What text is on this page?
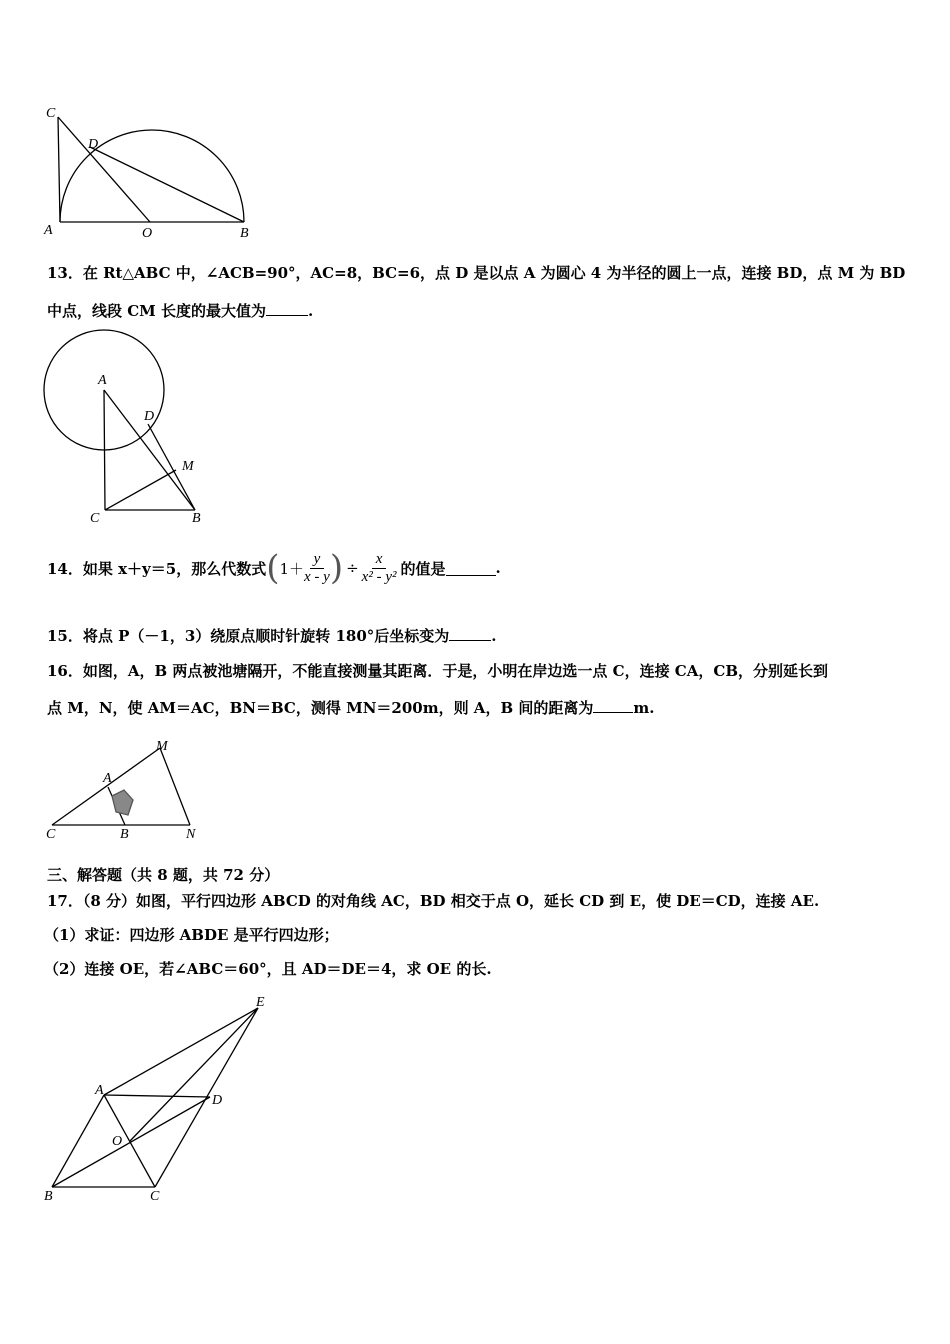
C
D
A	O	B
A
D
M
C	B
M
A
C	B	N
E
A
D
O
B	C
13．在 Rt△ABC 中，∠ACB=90°，AC=8，BC=6，点 D 是以点 A 为圆心 4 为半径的圆上一点，连接 BD，点 M 为 BD
中点，线段 CM 长度的最大值为	.
14．如果 x＋y＝5，那么代数式 ( $1+ \frac{y}{x - y}$ ) ÷ $\frac{x}{\text{x² - y²}}$ 的值是	.
15．将点 P（－1，3）绕原点顺时针旋转 180°后坐标变为	.
16．如图，A，B 两点被池塘隔开，不能直接测量其距离．于是，小明在岸边选一点 C，连接 CA，CB，分别延长到
点 M，N，使 AM＝AC，BN＝BC，测得 MN＝200m，则 A，B 间的距离为	m.
三、解答题（共 8 题，共 72 分）
17．（8 分）如图，平行四边形 ABCD 的对角线 AC，BD 相交于点 O，延长 CD 到 E，使 DE＝CD，连接 AE.
（1）求证：四边形 ABDE 是平行四边形；
（2）连接 OE，若∠ABC＝60°，且 AD＝DE＝4，求 OE 的长.
